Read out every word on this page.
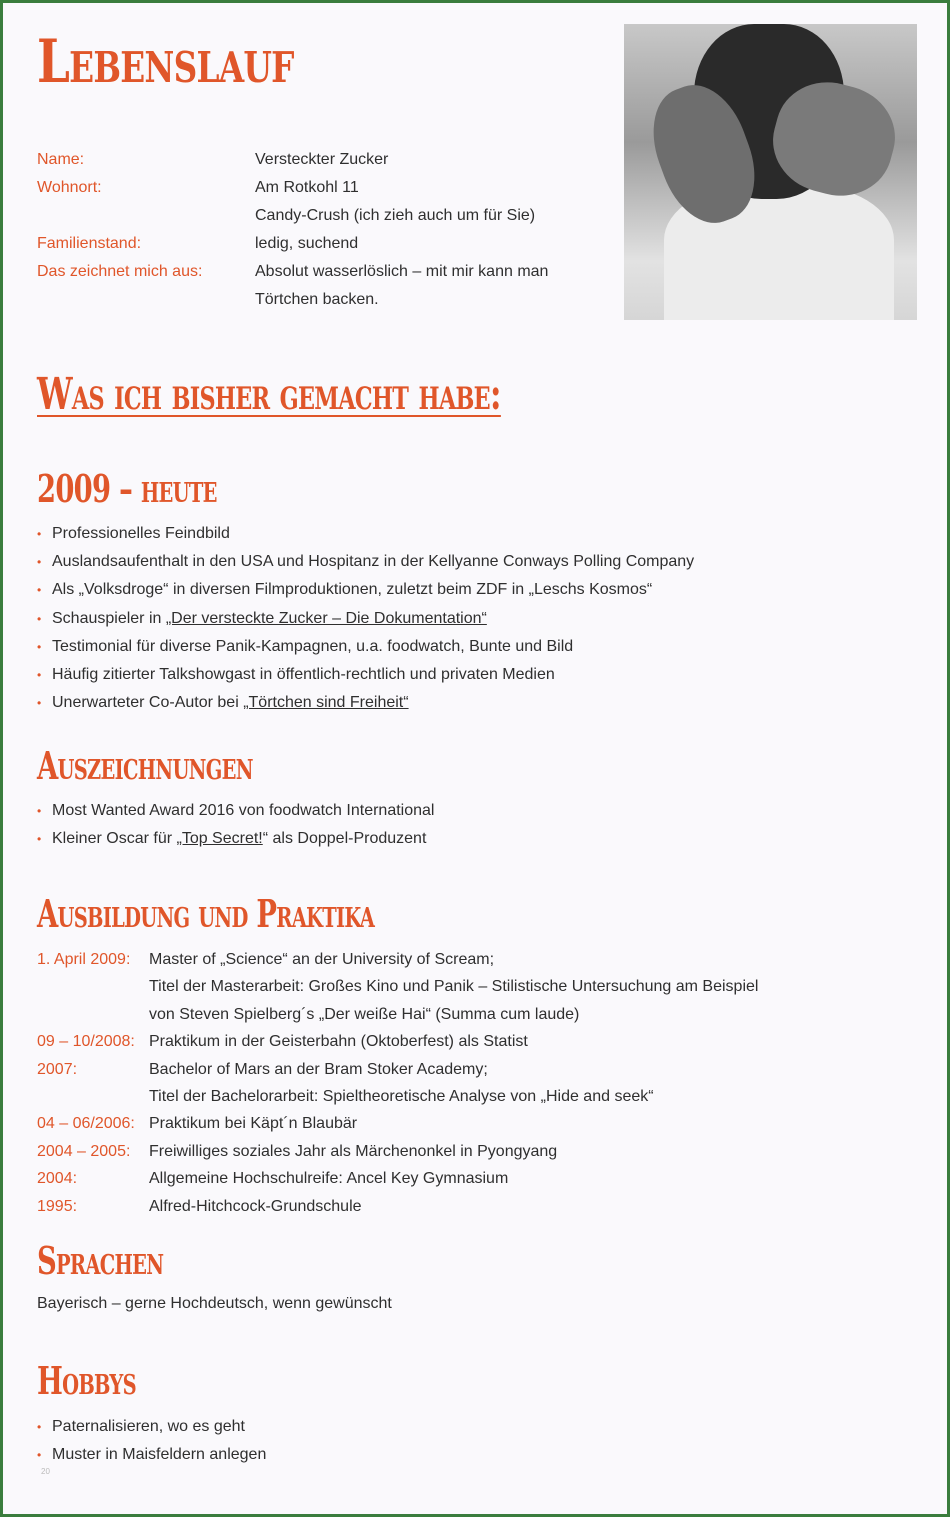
Lebenslauf
Name:	Versteckter Zucker
Wohnort:	Am Rotkohl 11
Candy-Crush (ich zieh auch um für Sie)
Familienstand:	ledig, suchend
Das zeichnet mich aus:	Absolut wasserlöslich – mit mir kann man
Törtchen backen.
Was ich bisher gemacht habe:
2009 – heute
• Professionelles Feindbild
• Auslandsaufenthalt in den USA und Hospitanz in der Kellyanne Conways Polling Company
• Als „Volksdroge“ in diversen Filmproduktionen, zuletzt beim ZDF in „Leschs Kosmos“
• Schauspieler in „Der versteckte Zucker – Die Dokumentation“
• Testimonial für diverse Panik-Kampagnen, u.a. foodwatch, Bunte und Bild
• Häufig zitierter Talkshowgast in öffentlich-rechtlich und privaten Medien
• Unerwarteter Co-Autor bei „Törtchen sind Freiheit“
Auszeichnungen
• Most Wanted Award 2016 von foodwatch International
• Kleiner Oscar für „Top Secret!“ als Doppel-Produzent
Ausbildung und Praktika
1. April 2009:	Master of „Science“ an der University of Scream;
Titel der Masterarbeit: Großes Kino und Panik – Stilistische Untersuchung am Beispiel
von Steven Spielberg´s „Der weiße Hai“ (Summa cum laude)
09 – 10/2008: Praktikum in der Geisterbahn (Oktoberfest) als Statist
2007:	Bachelor of Mars an der Bram Stoker Academy;
Titel der Bachelorarbeit: Spieltheoretische Analyse von „Hide and seek“
04 – 06/2006: Praktikum bei Käpt´n Blaubär
2004 – 2005:	Freiwilliges soziales Jahr als Märchenonkel in Pyongyang
2004:	Allgemeine Hochschulreife: Ancel Key Gymnasium
1995:	Alfred-Hitchcock-Grundschule
Sprachen
Bayerisch – gerne Hochdeutsch, wenn gewünscht
Hobbys
• Paternalisieren, wo es geht
• Muster in Maisfeldern anlegen
20
